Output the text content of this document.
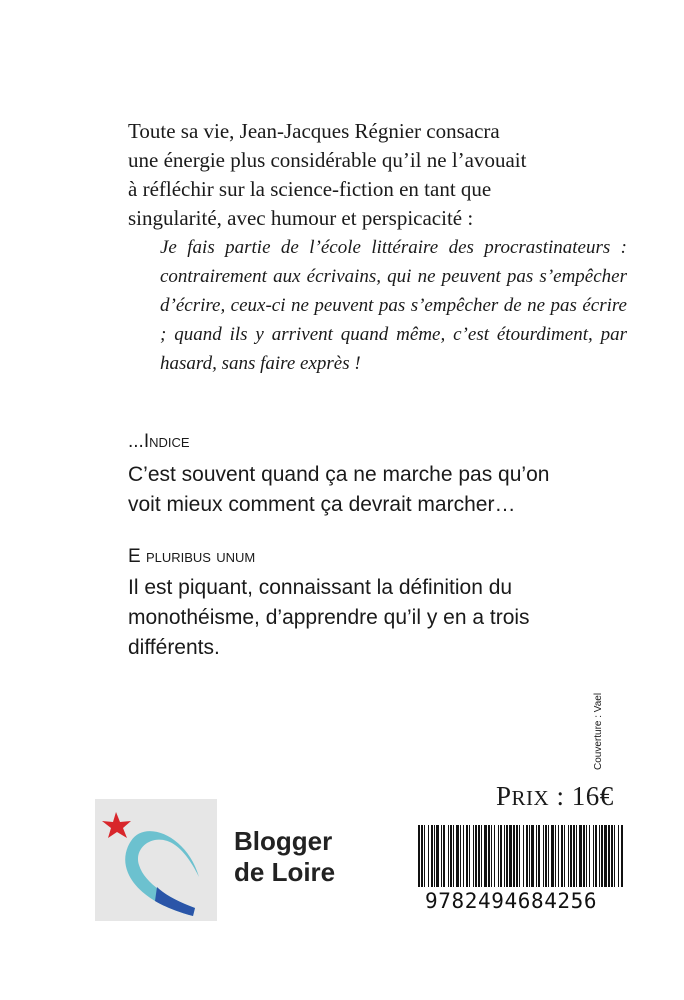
Toute sa vie, Jean-Jacques Régnier consacra
une énergie plus considérable qu’il ne l’avouait
à réfléchir sur la science-fiction en tant que
singularité, avec humour et perspicacité :

Je fais partie de l’école littéraire des procrastinateurs : contrairement aux écrivains, qui ne peuvent pas s’empêcher d’écrire, ceux-ci ne peuvent pas s’empêcher de ne pas écrire ; quand ils y arrivent quand même, c’est étourdiment, par hasard, sans faire exprès !

...Indice

C’est souvent quand ça ne marche pas qu’on
voit mieux comment ça devrait marcher…

E pluribus unum

Il est piquant, connaissant la définition du
monothéisme, d’apprendre qu’il y en a trois
différents.

Couverture : Vael

PRIX : 16€

Blogger
de Loire

9782494684256
